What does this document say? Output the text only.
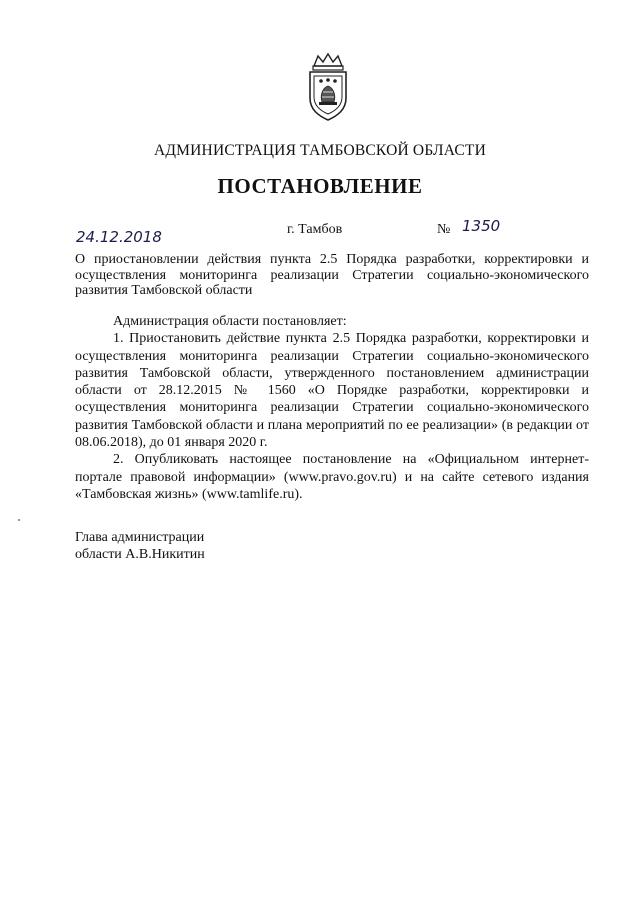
АДМИНИСТРАЦИЯ ТАМБОВСКОЙ ОБЛАСТИ
ПОСТАНОВЛЕНИЕ
24.12.2018	г. Тамбов	№ 1350
О приостановлении действия пункта 2.5 Порядка разработки, корректировки и осуществления мониторинга реализации Стратегии социально-экономического развития Тамбовской области

Администрация области постановляет:

1. Приостановить действие пункта 2.5 Порядка разработки, корректировки и осуществления мониторинга реализации Стратегии социально-экономического развития Тамбовской области, утвержденного постановлением администрации области от 28.12.2015 № 1560 «О Порядке разработки, корректировки и осуществления мониторинга реализации Стратегии социально-экономического развития Тамбовской области и плана мероприятий по ее реализации» (в редакции от 08.06.2018), до 01 января 2020 г.

2. Опубликовать настоящее постановление на «Официальном интернет-портале правовой информации» (www.pravo.gov.ru) и на сайте сетевого издания «Тамбовская жизнь» (www.tamlife.ru).

Глава администрации
области А.В.Никитин
